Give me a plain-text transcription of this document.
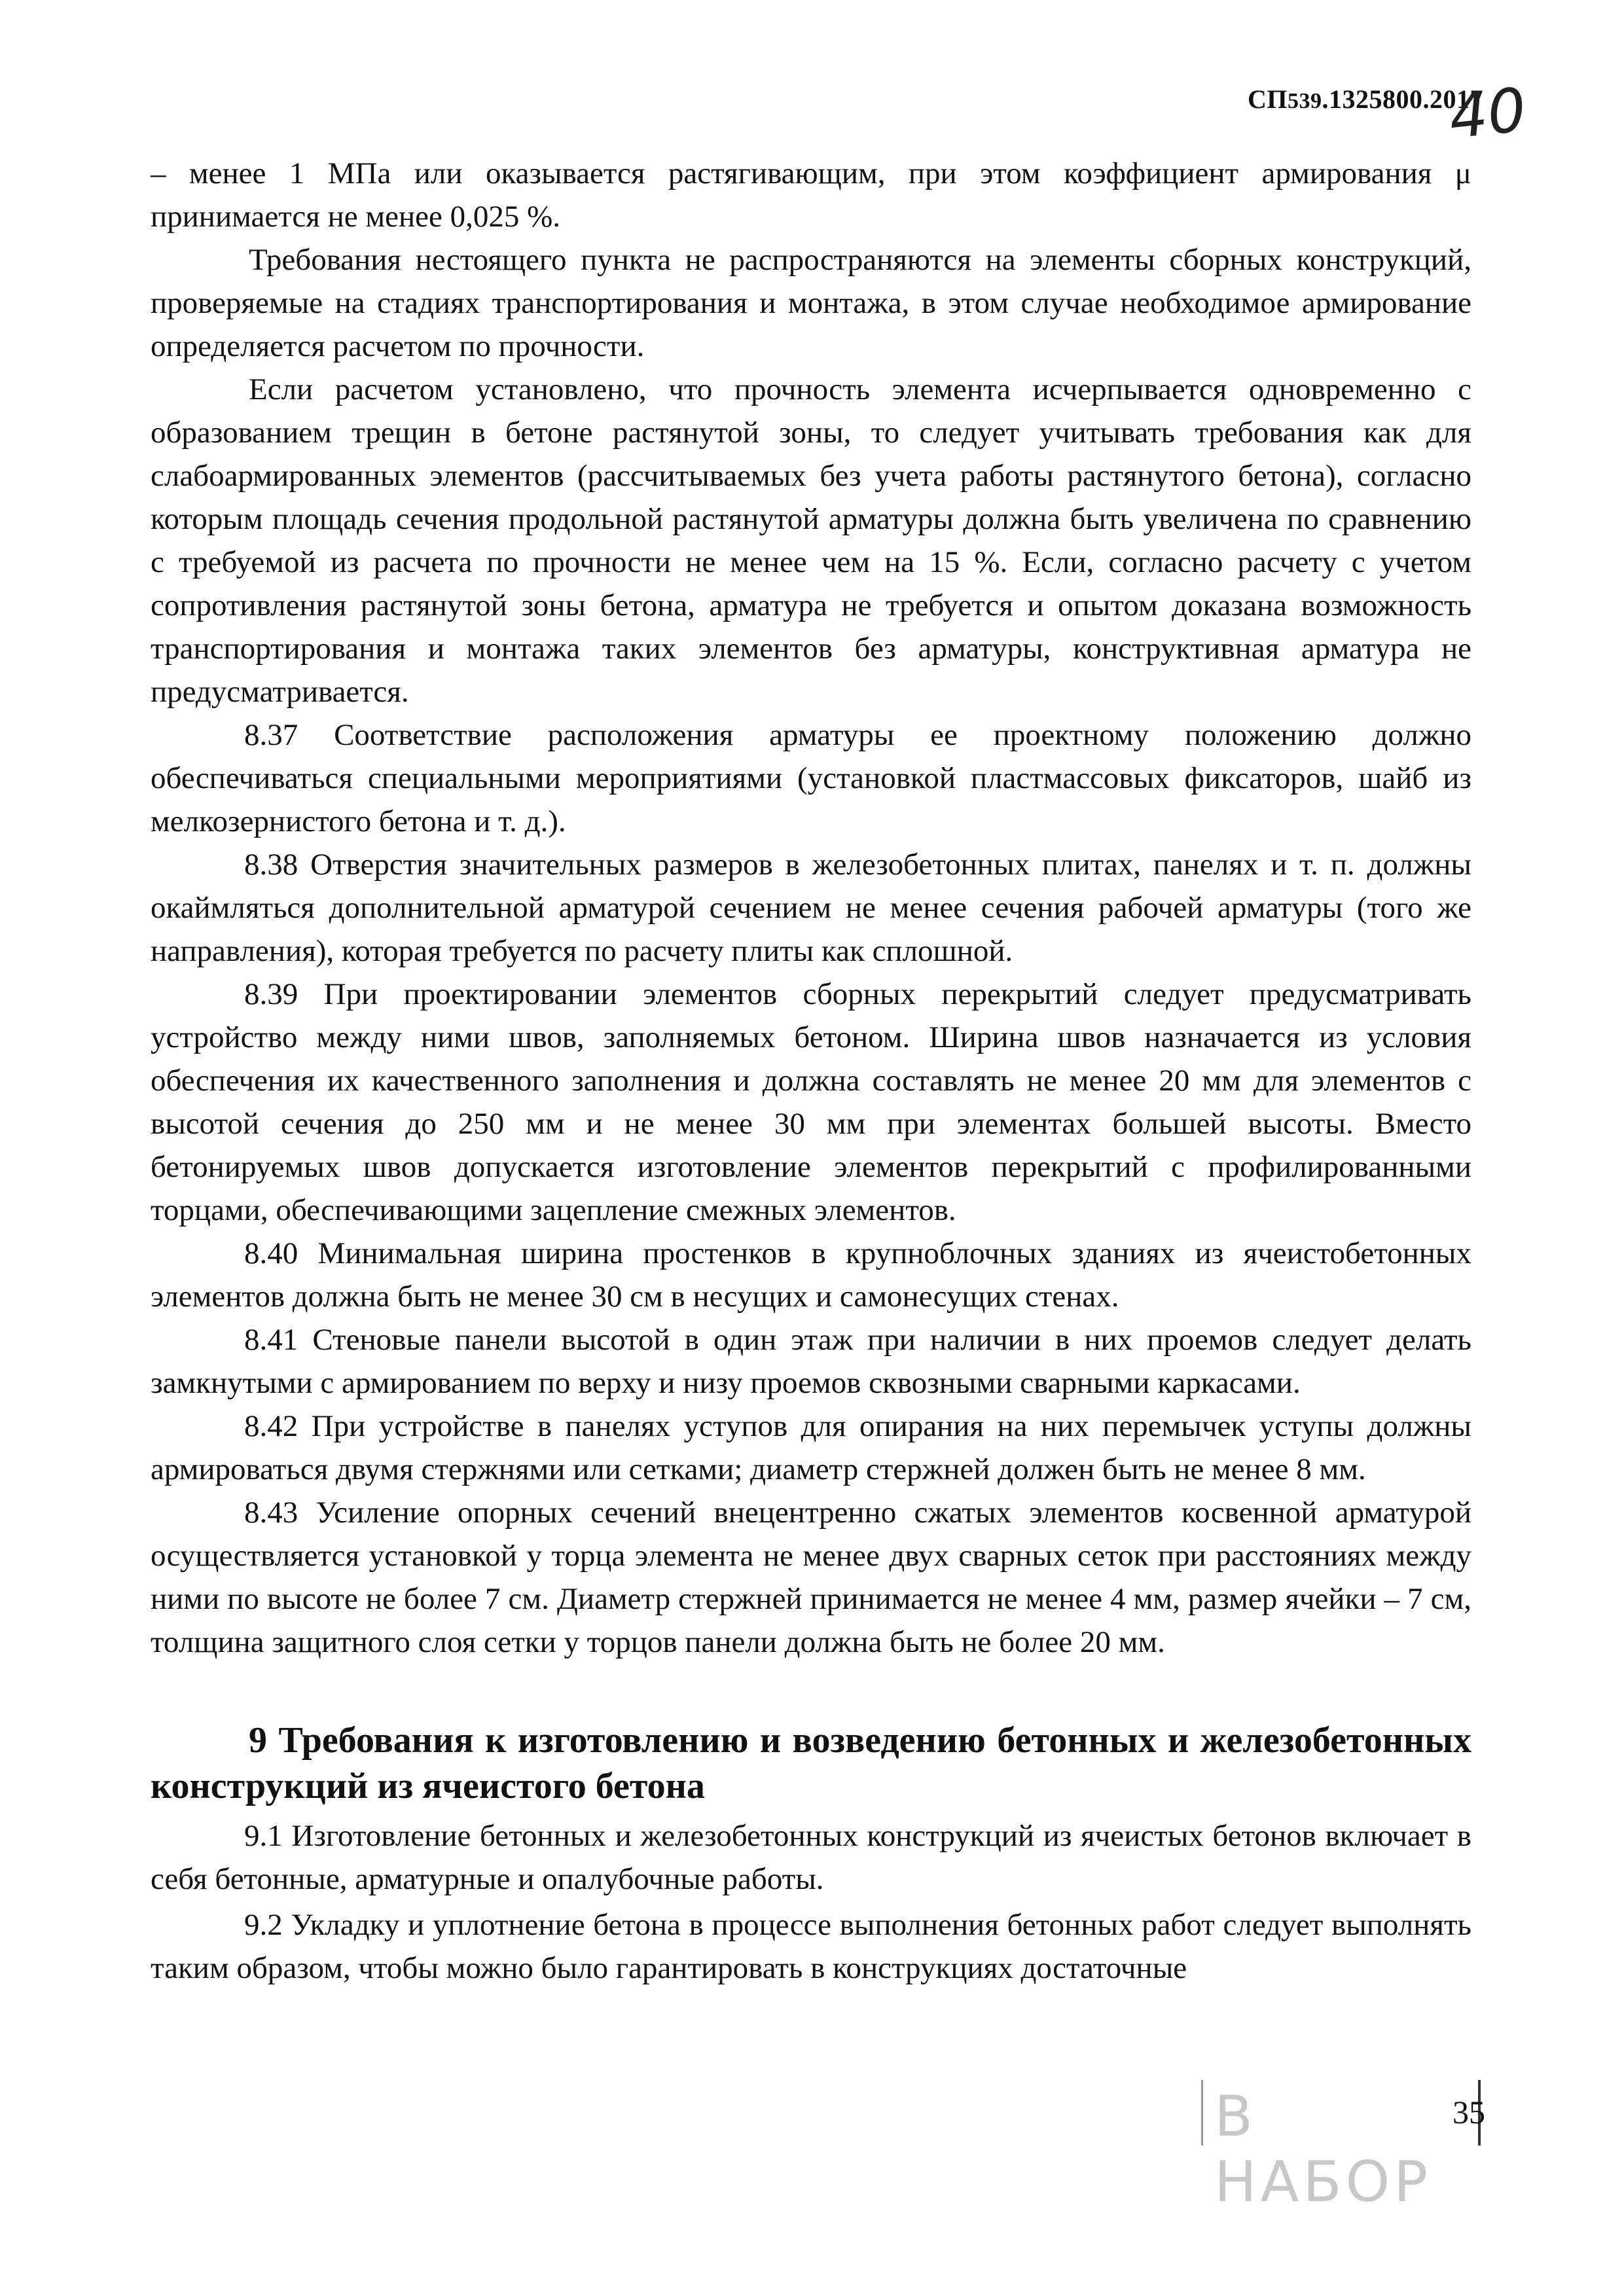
СП539.1325800.2017
40

– менее 1 МПа или оказывается растягивающим, при этом коэффициент армирования μ принимается не менее 0,025 %.

Требования нестоящего пункта не распространяются на элементы сборных конструкций, проверяемые на стадиях транспортирования и монтажа, в этом случае необходимое армирование определяется расчетом по прочности.

Если расчетом установлено, что прочность элемента исчерпывается одновременно с образованием трещин в бетоне растянутой зоны, то следует учитывать требования как для слабоармированных элементов (рассчитываемых без учета работы растянутого бетона), согласно которым площадь сечения продольной растянутой арматуры должна быть увеличена по сравнению с требуемой из расчета по прочности не менее чем на 15 %. Если, согласно расчету с учетом сопротивления растянутой зоны бетона, арматура не требуется и опытом доказана возможность транспортирования и монтажа таких элементов без арматуры, конструктивная арматура не предусматривается.

8.37 Соответствие расположения арматуры ее проектному положению должно обеспечиваться специальными мероприятиями (установкой пластмассовых фиксаторов, шайб из мелкозернистого бетона и т. д.).

8.38 Отверстия значительных размеров в железобетонных плитах, панелях и т. п. должны окаймляться дополнительной арматурой сечением не менее сечения рабочей арматуры (того же направления), которая требуется по расчету плиты как сплошной.

8.39 При проектировании элементов сборных перекрытий следует предусматривать устройство между ними швов, заполняемых бетоном. Ширина швов назначается из условия обеспечения их качественного заполнения и должна составлять не менее 20 мм для элементов с высотой сечения до 250 мм и не менее 30 мм при элементах большей высоты. Вместо бетонируемых швов допускается изготовление элементов перекрытий с профилированными торцами, обеспечивающими зацепление смежных элементов.

8.40 Минимальная ширина простенков в крупноблочных зданиях из ячеистобетонных элементов должна быть не менее 30 см в несущих и самонесущих стенах.

8.41 Стеновые панели высотой в один этаж при наличии в них проемов следует делать замкнутыми с армированием по верху и низу проемов сквозными сварными каркасами.

8.42 При устройстве в панелях уступов для опирания на них перемычек уступы должны армироваться двумя стержнями или сетками; диаметр стержней должен быть не менее 8 мм.

8.43 Усиление опорных сечений внецентренно сжатых элементов косвенной арматурой осуществляется установкой у торца элемента не менее двух сварных сеток при расстояниях между ними по высоте не более 7 см. Диаметр стержней принимается не менее 4 мм, размер ячейки – 7 см, толщина защитного слоя сетки у торцов панели должна быть не более 20 мм.

9 Требования к изготовлению и возведению бетонных и железобетонных конструкций из ячеистого бетона

9.1 Изготовление бетонных и железобетонных конструкций из ячеистых бетонов включает в себя бетонные, арматурные и опалубочные работы.

9.2 Укладку и уплотнение бетона в процессе выполнения бетонных работ следует выполнять таким образом, чтобы можно было гарантировать в конструкциях достаточные

В НАБОР
35
